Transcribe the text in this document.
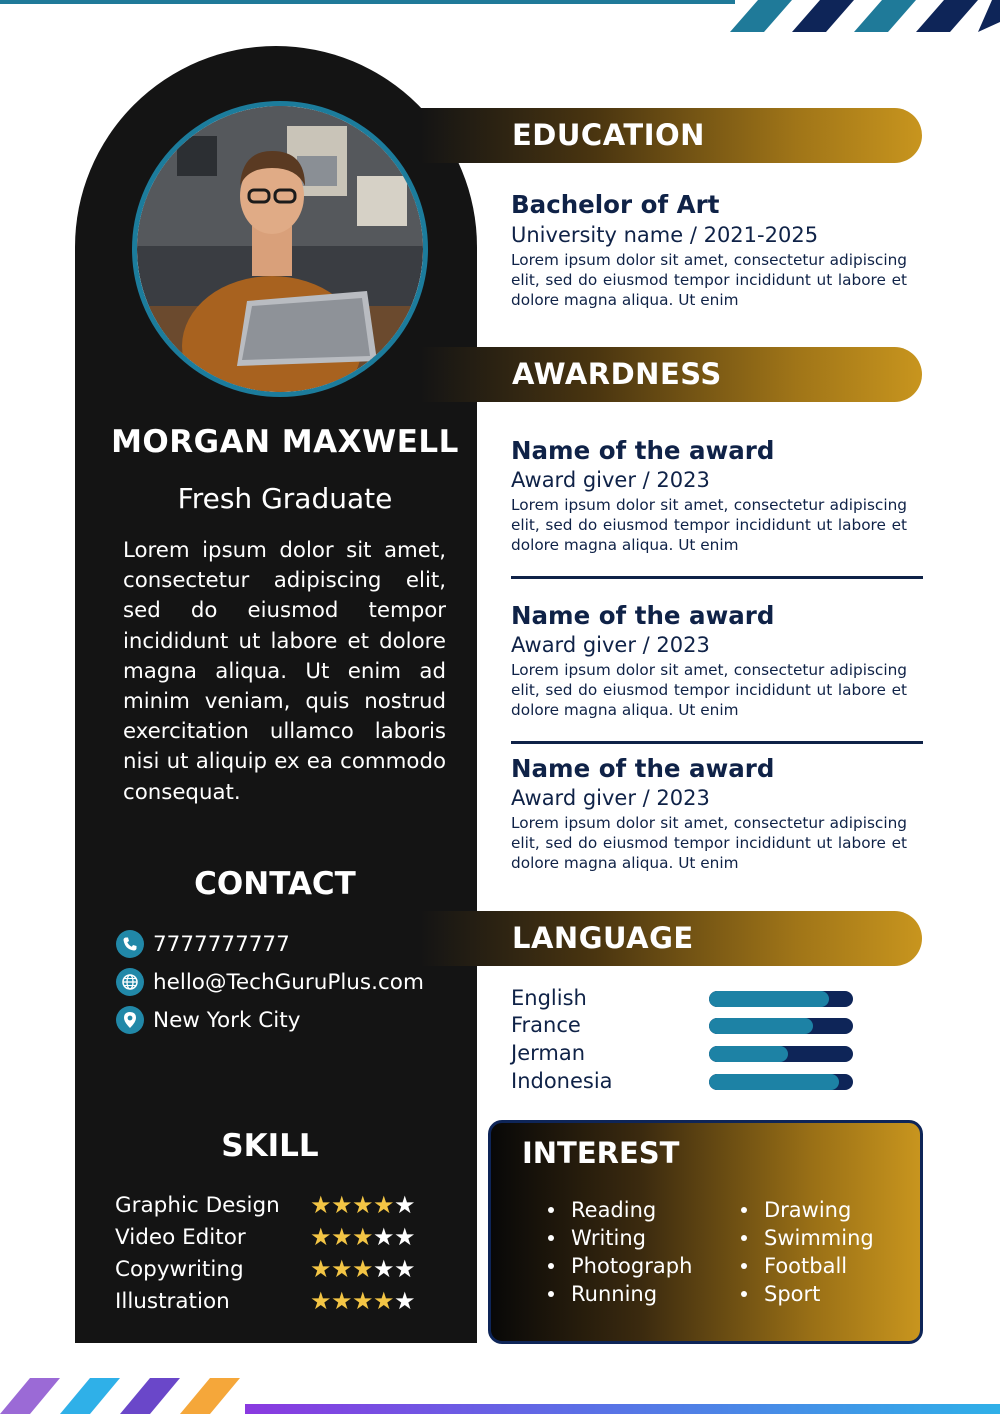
MORGAN MAXWELL
Fresh Graduate
Lorem ipsum dolor sit amet, consectetur adipiscing elit, sed do eiusmod tempor incididunt ut labore et dolore magna aliqua. Ut enim ad minim veniam, quis nostrud exercitation ullamco laboris nisi ut aliquip ex ea commodo consequat.
CONTACT
7777777777
hello@TechGuruPlus.com
New York City
SKILL
Graphic Design	★ ★ ★ ★ ★
Video Editor	★ ★ ★ ★ ★
Copywriting	★ ★ ★ ★ ★
Illustration	★ ★ ★ ★ ★
EDUCATION
Bachelor of Art
University name / 2021-2025
Lorem ipsum dolor sit amet, consectetur adipiscing elit, sed do eiusmod tempor incididunt ut labore et dolore magna aliqua. Ut enim
AWARDNESS
Name of the award
Award giver / 2023
Lorem ipsum dolor sit amet, consectetur adipiscing elit, sed do eiusmod tempor incididunt ut labore et dolore magna aliqua. Ut enim
Name of the award
Award giver / 2023
Lorem ipsum dolor sit amet, consectetur adipiscing elit, sed do eiusmod tempor incididunt ut labore et dolore magna aliqua. Ut enim
Name of the award
Award giver / 2023
Lorem ipsum dolor sit amet, consectetur adipiscing elit, sed do eiusmod tempor incididunt ut labore et dolore magna aliqua. Ut enim
LANGUAGE
English
France
Jerman
Indonesia
INTEREST
Reading
Writing
Photograph
Running
Drawing
Swimming
Football
Sport
